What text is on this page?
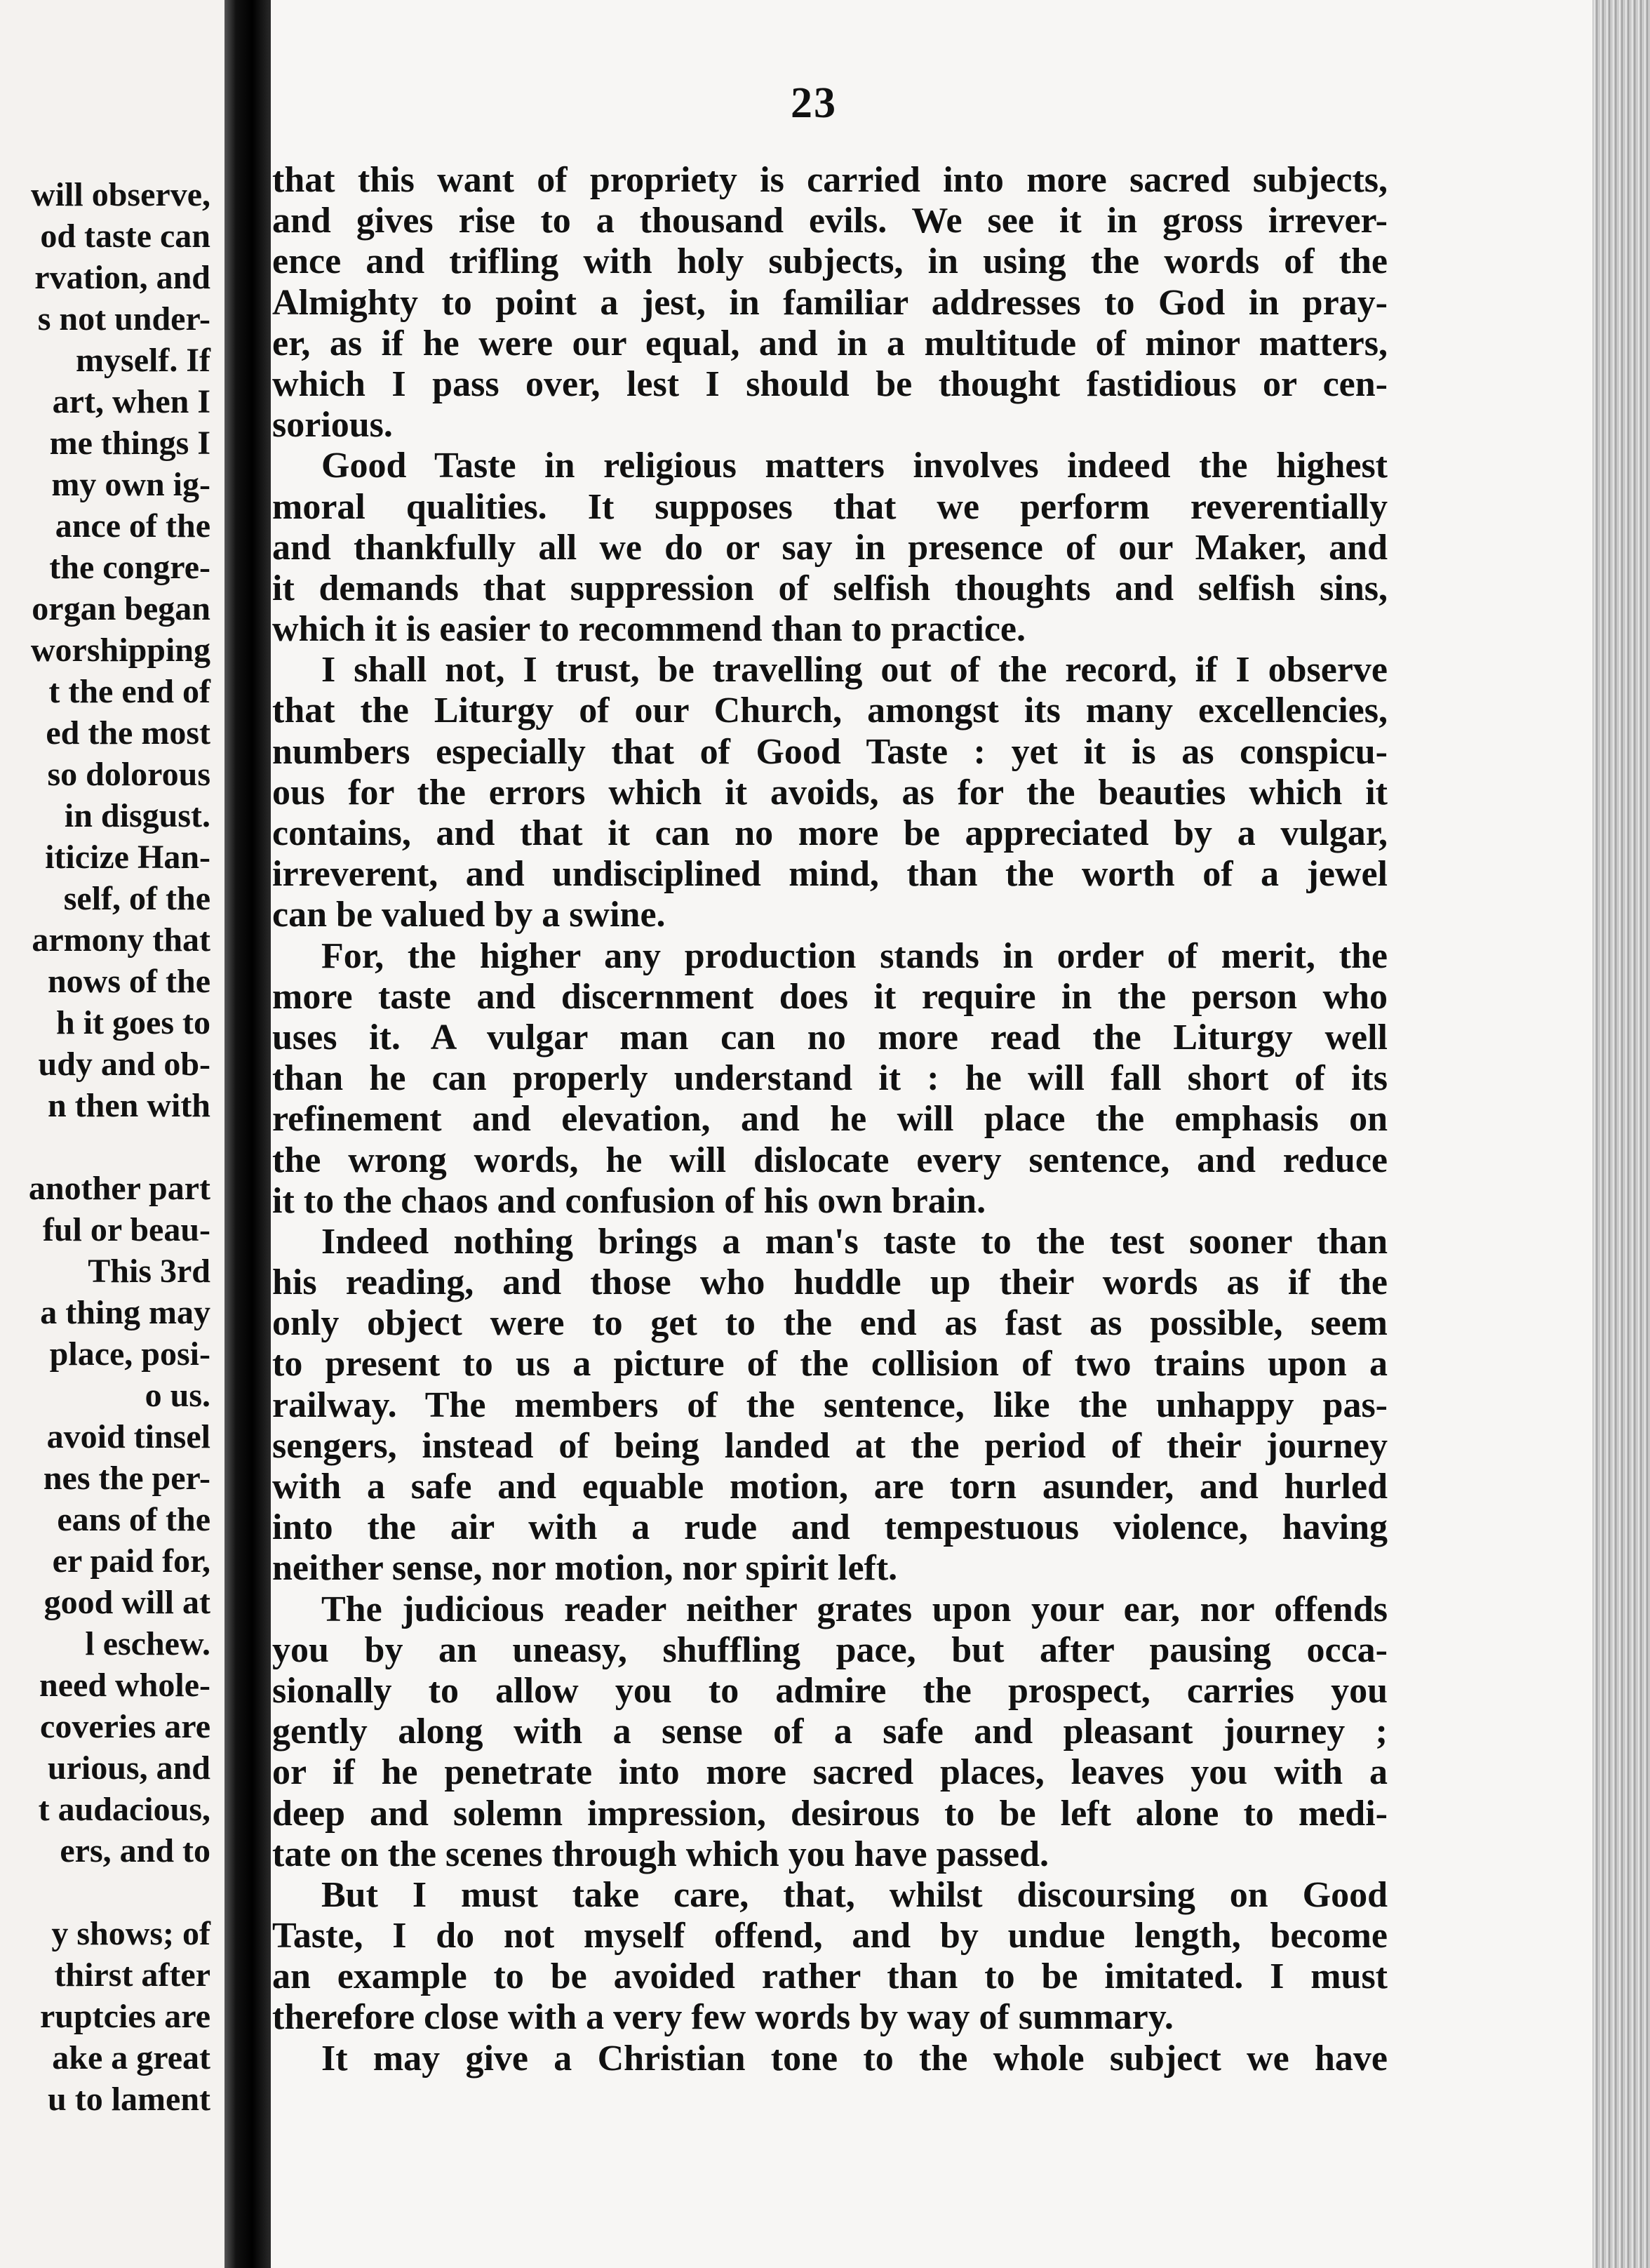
will observe,
od taste can
rvation, and
s not under-
myself. If
art, when I
me things I
my own ig-
ance of the
the congre-
organ began
worshipping
t the end of
ed the most
so dolorous
in disgust.
iticize Han-
self, of the
armony that
nows of the
h it goes to
udy and ob-
n then with
another part
ful or beau-
This 3rd
a thing may
place, posi-
o us.
avoid tinsel
nes the per-
eans of the
er paid for,
good will at
l eschew.
need whole-
coveries are
urious, and
t audacious,
ers, and to
y shows; of
thirst after
ruptcies are
ake a great
u to lament
23
that this want of propriety is carried into more sacred subjects,
and gives rise to a thousand evils. We see it in gross irrever-
ence and trifling with holy subjects, in using the words of the
Almighty to point a jest, in familiar addresses to God in pray-
er, as if he were our equal, and in a multitude of minor matters,
which I pass over, lest I should be thought fastidious or cen-
sorious.
Good Taste in religious matters involves indeed the highest
moral qualities. It supposes that we perform reverentially
and thankfully all we do or say in presence of our Maker, and
it demands that suppression of selfish thoughts and selfish sins,
which it is easier to recommend than to practice.
I shall not, I trust, be travelling out of the record, if I observe
that the Liturgy of our Church, amongst its many excellencies,
numbers especially that of Good Taste : yet it is as conspicu-
ous for the errors which it avoids, as for the beauties which it
contains, and that it can no more be appreciated by a vulgar,
irreverent, and undisciplined mind, than the worth of a jewel
can be valued by a swine.
For, the higher any production stands in order of merit, the
more taste and discernment does it require in the person who
uses it. A vulgar man can no more read the Liturgy well
than he can properly understand it : he will fall short of its
refinement and elevation, and he will place the emphasis on
the wrong words, he will dislocate every sentence, and reduce
it to the chaos and confusion of his own brain.
Indeed nothing brings a man's taste to the test sooner than
his reading, and those who huddle up their words as if the
only object were to get to the end as fast as possible, seem
to present to us a picture of the collision of two trains upon a
railway. The members of the sentence, like the unhappy pas-
sengers, instead of being landed at the period of their journey
with a safe and equable motion, are torn asunder, and hurled
into the air with a rude and tempestuous violence, having
neither sense, nor motion, nor spirit left.
The judicious reader neither grates upon your ear, nor offends
you by an uneasy, shuffling pace, but after pausing occa-
sionally to allow you to admire the prospect, carries you
gently along with a sense of a safe and pleasant journey ;
or if he penetrate into more sacred places, leaves you with a
deep and solemn impression, desirous to be left alone to medi-
tate on the scenes through which you have passed.
But I must take care, that, whilst discoursing on Good
Taste, I do not myself offend, and by undue length, become
an example to be avoided rather than to be imitated. I must
therefore close with a very few words by way of summary.
It may give a Christian tone to the whole subject we have
